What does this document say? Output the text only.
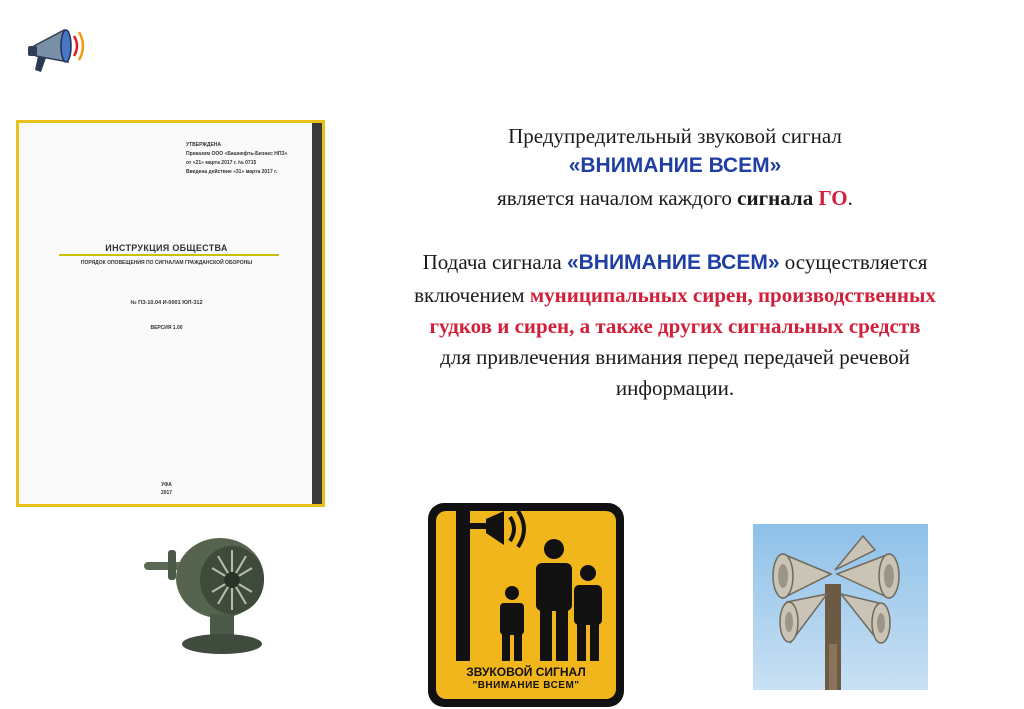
УТВЕРЖДЕНА
Приказом ООО «Башнефть-Бизнес НПЗ»
от «21» марта 2017 г. № 0715
Введена действие «31» марта 2017 г.
ИНСТРУКЦИЯ ОБЩЕСТВА
ПОРЯДОК ОПОВЕЩЕНИЯ ПО СИГНАЛАМ ГРАЖДАНСКОЙ ОБОРОНЫ
№ ПЗ-10.04 И-0001 ЮЛ-312
ВЕРСИЯ 1.00
УФА
2017
Предупредительный звуковой сигнал
«ВНИМАНИЕ ВСЕМ»
является началом каждого сигнала ГО.
Подача сигнала «ВНИМАНИЕ ВСЕМ» осуществляется
включением муниципальных сирен, производственных
гудков и сирен, а также других сигнальных средств
для привлечения внимания перед передачей речевой
информации.
ЗВУКОВОЙ СИГНАЛ
"ВНИМАНИЕ ВСЕМ"
